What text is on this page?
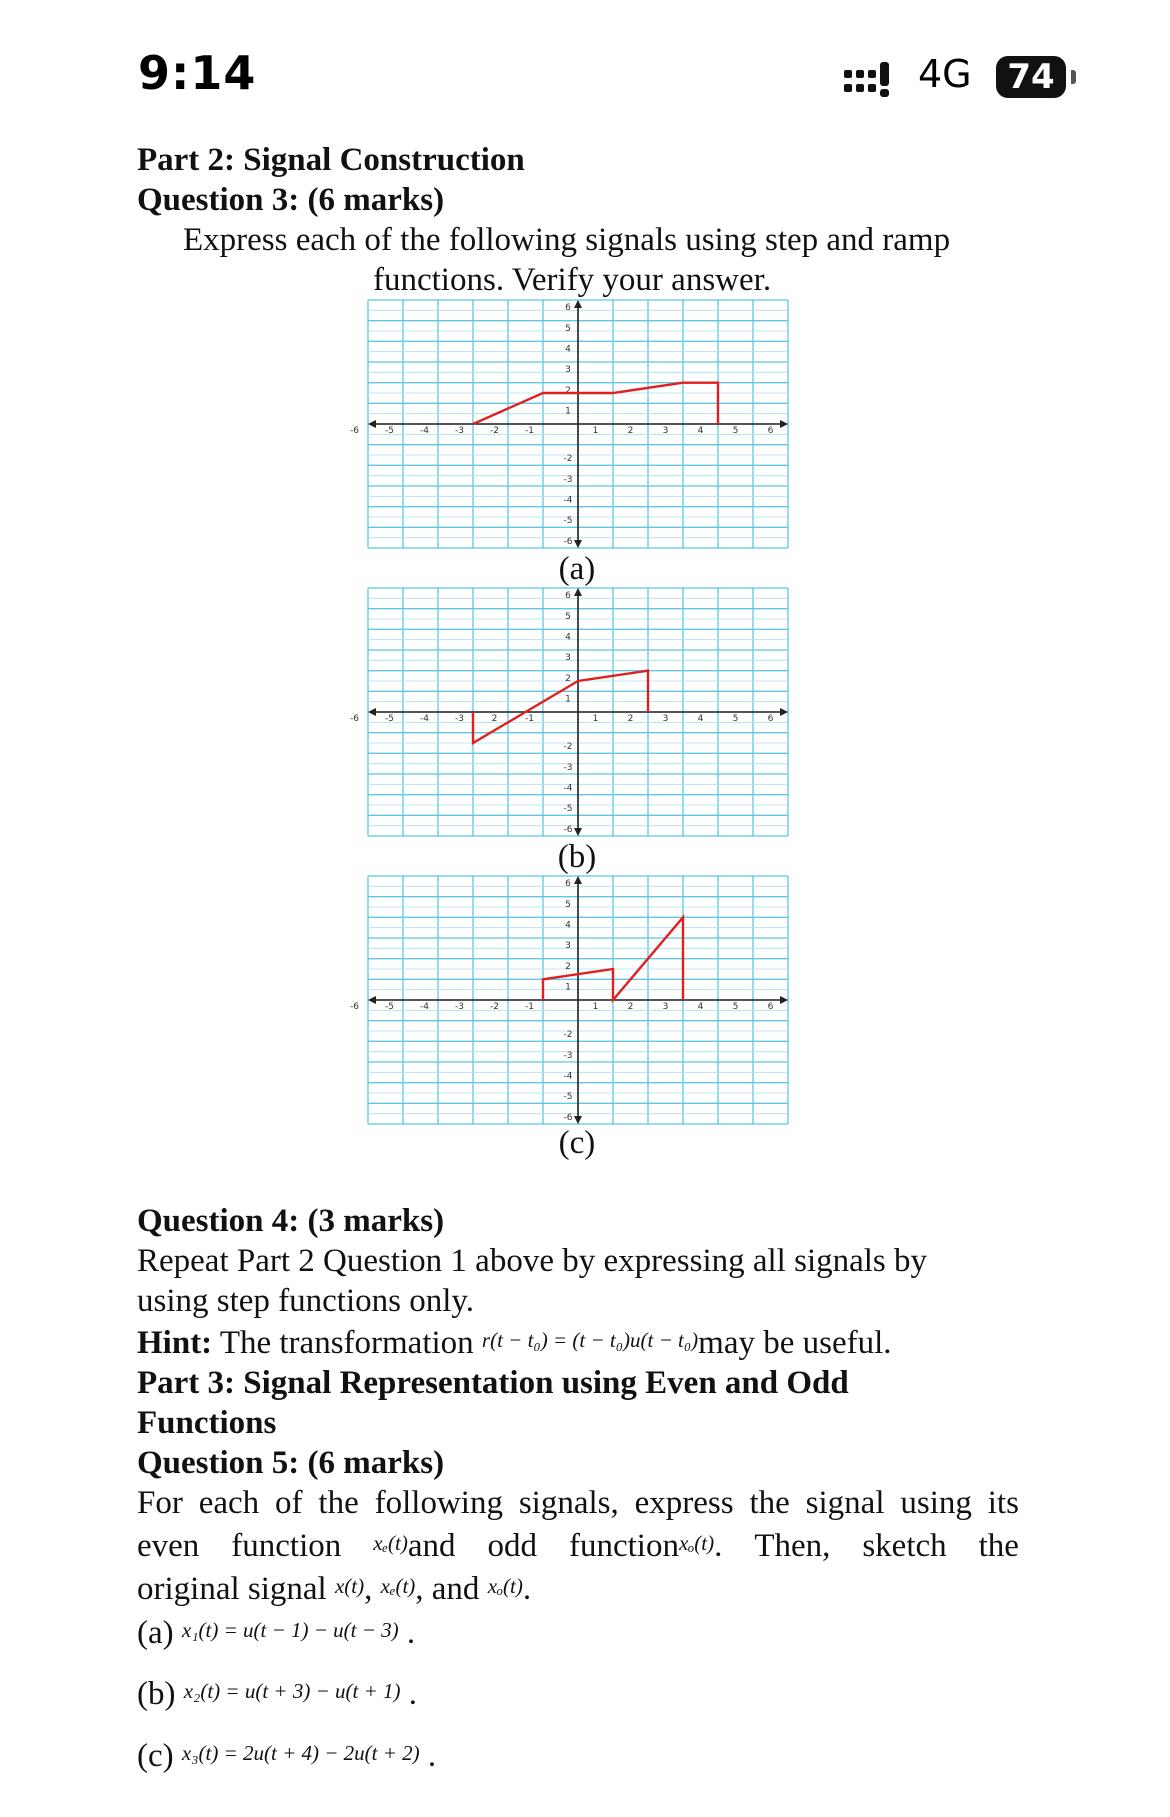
9:14	4G	74
Part 2: Signal Construction
Question 3: (6 marks)
Express each of the following signals using step and ramp
functions. Verify your answer.
-6	-5	-4	-3	-2	-1	1	2	3	4	5	6
6
5
4
3
2
1
-2
-3
-4
-5
-6
(a)
-6	-5	-4	-3	2	-1	1	2	3	4	5	6
6
5
4
3
2
1
-2
-3
-4
-5
-6
(b)
-6	-5	-4	-3	-2	-1	1	2	3	4	5	6
6
5
4
3
2
1
-2
-3
-4
-5
-6
(c)
Question 4: (3 marks)
Repeat Part 2 Question 1 above by expressing all signals by
using step functions only.
Hint: The transformation r(t − t₀) = (t − t₀)u(t − t₀)may be useful.
Part 3: Signal Representation using Even and Odd
Functions
Question 5: (6 marks)
For each of the following signals, express the signal using its
even function xₑ(t)and odd functionxₒ(t). Then, sketch the
original signal x(t), xₑ(t), and xₒ(t).
(a) x₁(t) = u(t − 1) − u(t − 3) .
(b) x₂(t) = u(t + 3) − u(t + 1) .
(c) x₃(t) = 2u(t + 4) − 2u(t + 2) .
